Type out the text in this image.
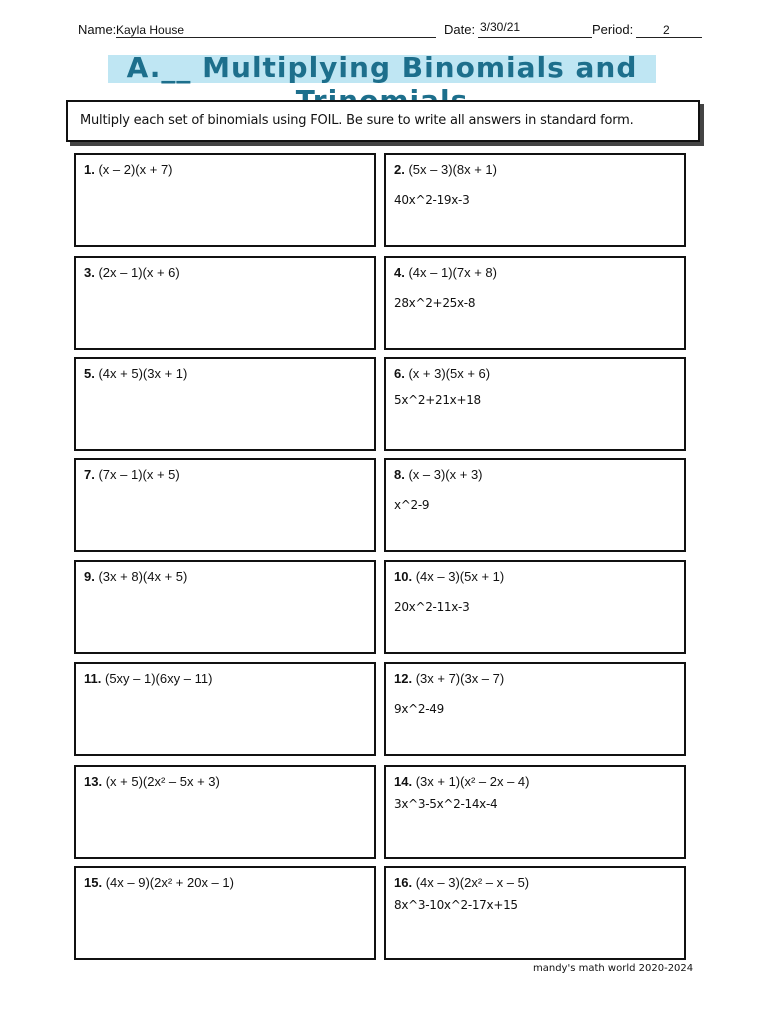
Name: Kayla House	Date: 3/30/21	Period: 2
A.__ Multiplying Binomials and
Multiply each set of binomials using FOIL. Be sure to write all answers in standard form.
1. (x – 2)(x + 7)	2. (5x – 3)(8x + 1)
40x^2-19x-3
3. (2x – 1)(x + 6)	4. (4x – 1)(7x + 8)
28x^2+25x-8
5. (4x + 5)(3x + 1)	6. (x + 3)(5x + 6)
5x^2+21x+18
7. (7x – 1)(x + 5)	8. (x – 3)(x + 3)
x^2-9
9. (3x + 8)(4x + 5)	10. (4x – 3)(5x + 1)
20x^2-11x-3
11. (5xy – 1)(6xy – 11)	12. (3x + 7)(3x – 7)
9x^2-49
13. (x + 5)(2x² – 5x + 3)	14. (3x + 1)(x² – 2x – 4)
3x^3-5x^2-14x-4
15. (4x – 9)(2x² + 20x – 1)	16. (4x – 3)(2x² – x – 5)
8x^3-10x^2-17x+15
mandy's math world 2020-2024
